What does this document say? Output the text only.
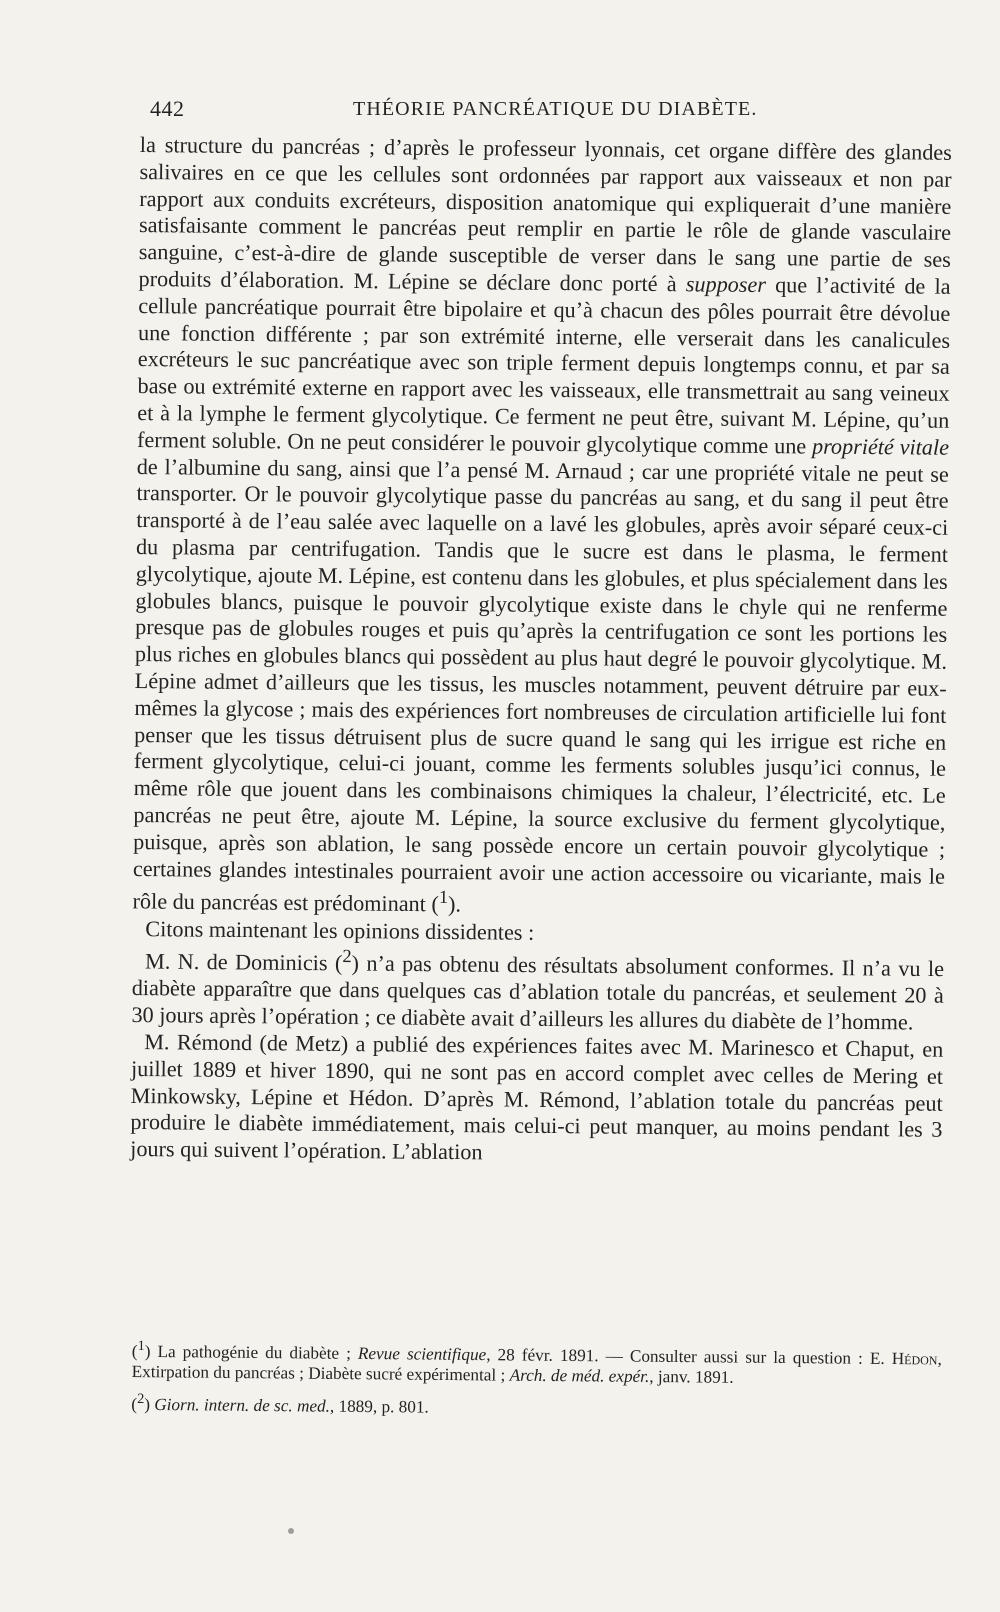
442	THÉORIE PANCRÉATIQUE DU DIABÈTE.

la structure du pancréas ; d’après le professeur lyonnais, cet organe diffère des glandes salivaires en ce que les cellules sont ordonnées par rapport aux vaisseaux et non par rapport aux conduits excréteurs, disposition anatomique qui expliquerait d’une manière satisfaisante comment le pancréas peut remplir en partie le rôle de glande vasculaire sanguine, c’est-à-dire de glande susceptible de verser dans le sang une partie de ses produits d’élaboration. M. Lépine se déclare donc porté à supposer que l’activité de la cellule pancréatique pourrait être bipolaire et qu’à chacun des pôles pourrait être dévolue une fonction différente ; par son extrémité interne, elle verserait dans les canalicules excréteurs le suc pancréatique avec son triple ferment depuis longtemps connu, et par sa base ou extrémité externe en rapport avec les vaisseaux, elle transmettrait au sang veineux et à la lymphe le ferment glycolytique. Ce ferment ne peut être, suivant M. Lépine, qu’un ferment soluble. On ne peut considérer le pouvoir glycolytique comme une propriété vitale de l’albumine du sang, ainsi que l’a pensé M. Arnaud ; car une propriété vitale ne peut se transporter. Or le pouvoir glycolytique passe du pancréas au sang, et du sang il peut être transporté à de l’eau salée avec laquelle on a lavé les globules, après avoir séparé ceux-ci du plasma par centrifugation. Tandis que le sucre est dans le plasma, le ferment glycolytique, ajoute M. Lépine, est contenu dans les globules, et plus spécialement dans les globules blancs, puisque le pouvoir glycolytique existe dans le chyle qui ne renferme presque pas de globules rouges et puis qu’après la centrifugation ce sont les portions les plus riches en globules blancs qui possèdent au plus haut degré le pouvoir glycolytique. M. Lépine admet d’ailleurs que les tissus, les muscles notamment, peuvent détruire par eux-mêmes la glycose ; mais des expériences fort nombreuses de circulation artificielle lui font penser que les tissus détruisent plus de sucre quand le sang qui les irrigue est riche en ferment glycolytique, celui-ci jouant, comme les ferments solubles jusqu’ici connus, le même rôle que jouent dans les combinaisons chimiques la chaleur, l’électricité, etc. Le pancréas ne peut être, ajoute M. Lépine, la source exclusive du ferment glycolytique, puisque, après son ablation, le sang possède encore un certain pouvoir glycolytique ; certaines glandes intestinales pourraient avoir une action accessoire ou vicariante, mais le rôle du pancréas est prédominant ($^1$).

Citons maintenant les opinions dissidentes :

M. N. de Dominicis ($^2$) n’a pas obtenu des résultats absolument conformes. Il n’a vu le diabète apparaître que dans quelques cas d’ablation totale du pancréas, et seulement 20 à 30 jours après l’opération ; ce diabète avait d’ailleurs les allures du diabète de l’homme.

M. Rémond (de Metz) a publié des expériences faites avec M. Marinesco et Chaput, en juillet 1889 et hiver 1890, qui ne sont pas en accord complet avec celles de Mering et Minkowsky, Lépine et Hédon. D’après M. Rémond, l’ablation totale du pancréas peut produire le diabète immédiatement, mais celui-ci peut manquer, au moins pendant les 3 jours qui suivent l’opération. L’ablation

($^1$) La pathogénie du diabète ; Revue scientifique, 28 févr. 1891. — Consulter aussi sur la question : E. Hédon, Extirpation du pancréas ; Diabète sucré expérimental ; Arch. de méd. expér., janv. 1891.

($^2$) Giorn. intern. de sc. med., 1889, p. 801.
